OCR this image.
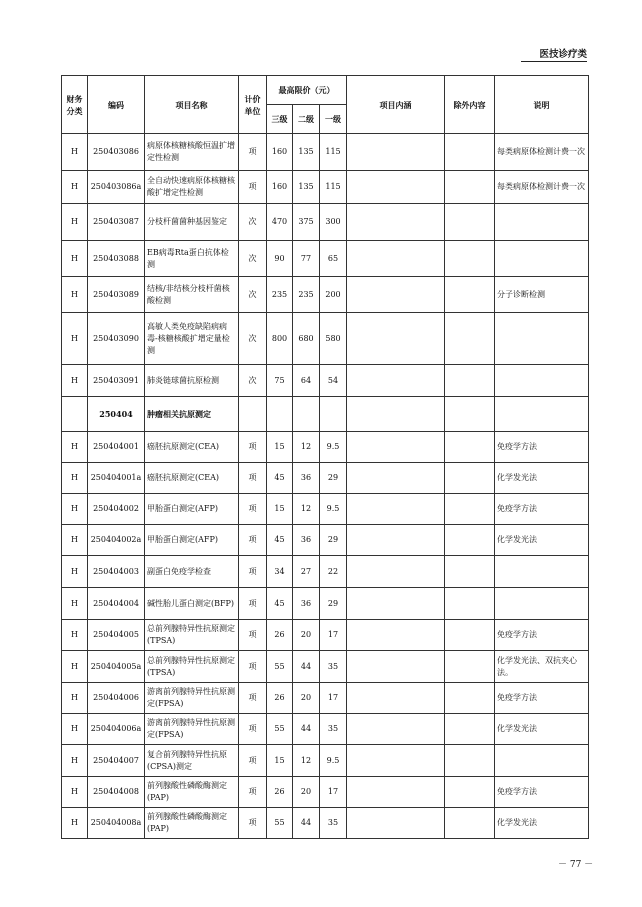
医技诊疗类
财务分类	编码	项目名称	计价单位	最高限价（元）			项目内涵	除外内容	说明
				三级	二级	一级			
H	250403086	病原体核糖核酸恒温扩增定性检测	项	160	135	115			每类病原体检测计费一次
H	250403086a	全自动快速病原体核糖核酸扩增定性检测	项	160	135	115			每类病原体检测计费一次
H	250403087	分枝杆菌菌种基因鉴定	次	470	375	300			
H	250403088	EB病毒Rta蛋白抗体检测	次	90	77	65			
H	250403089	结核/非结核分枝杆菌核酸检测	次	235	235	200			分子诊断检测
H	250403090	高敏人类免疫缺陷病病毒-核糖核酸扩增定量检测	次	800	680	580			
H	250403091	肺炎链球菌抗原检测	次	75	64	54			
	250404	肿瘤相关抗原测定							
H	250404001	癌胚抗原测定(CEA)	项	15	12	9.5			免疫学方法
H	250404001a	癌胚抗原测定(CEA)	项	45	36	29			化学发光法
H	250404002	甲胎蛋白测定(AFP)	项	15	12	9.5			免疫学方法
H	250404002a	甲胎蛋白测定(AFP)	项	45	36	29			化学发光法
H	250404003	副蛋白免疫学检查	项	34	27	22			
H	250404004	碱性胎儿蛋白测定(BFP)	项	45	36	29			
H	250404005	总前列腺特异性抗原测定(TPSA)	项	26	20	17			免疫学方法
H	250404005a	总前列腺特异性抗原测定(TPSA)	项	55	44	35			化学发光法、双抗夹心法。
H	250404006	游离前列腺特异性抗原测定(FPSA)	项	26	20	17			免疫学方法
H	250404006a	游离前列腺特异性抗原测定(FPSA)	项	55	44	35			化学发光法
H	250404007	复合前列腺特异性抗原(CPSA)测定	项	15	12	9.5			
H	250404008	前列腺酸性磷酸酶测定(PAP)	项	26	20	17			免疫学方法
H	250404008a	前列腺酸性磷酸酶测定(PAP)	项	55	44	35			化学发光法
－ 77 －
